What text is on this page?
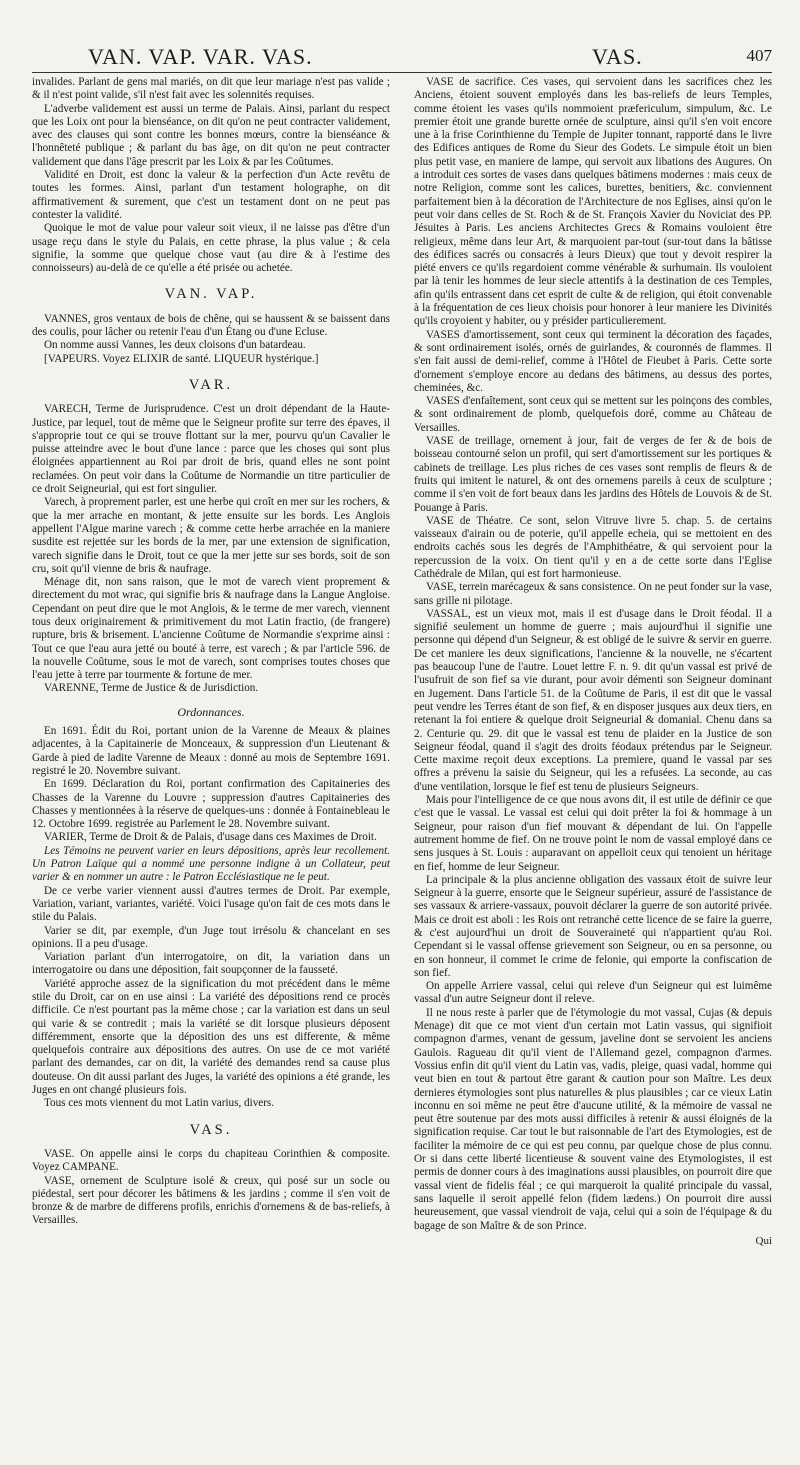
VAN. VAP. VAR. VAS.	VAS.	407

invalides. Parlant de gens mal mariés, on dit que leur mariage n'est pas valide ; & il n'est point valide, s'il n'est fait avec les solennités requises.

L'adverbe validement est aussi un terme de Palais. Ainsi, parlant du respect que les Loix ont pour la bienséance, on dit qu'on ne peut contracter validement, avec des clauses qui sont contre les bonnes mœurs, contre la bienséance & l'honnêteté publique ; & parlant du bas âge, on dit qu'on ne peut contracter validement que dans l'âge prescrit par les Loix & par les Coûtumes.

Validité en Droit, est donc la valeur & la perfection d'un Acte revêtu de toutes les formes. Ainsi, parlant d'un testament holographe, on dit affirmativement & surement, que c'est un testament dont on ne peut pas contester la validité.

Quoique le mot de value pour valeur soit vieux, il ne laisse pas d'être d'un usage reçu dans le style du Palais, en cette phrase, la plus value ; & cela signifie, la somme que quelque chose vaut (au dire & à l'estime des connoisseurs) au-delà de ce qu'elle a été prisée ou achetée.

VAN. VAP.

VANNES, gros ventaux de bois de chêne, qui se haussent & se baissent dans des coulis, pour lâcher ou retenir l'eau d'un Étang ou d'une Ecluse.

On nomme aussi Vannes, les deux cloisons d'un batardeau.

[VAPEURS. Voyez ELIXIR de santé. LIQUEUR hystérique.]

VAR.

VARECH, Terme de Jurisprudence. C'est un droit dépendant de la Haute-Justice, par lequel, tout de même que le Seigneur profite sur terre des épaves, il s'approprie tout ce qui se trouve flottant sur la mer, pourvu qu'un Cavalier le puisse atteindre avec le bout d'une lance : parce que les choses qui sont plus éloignées appartiennent au Roi par droit de bris, quand elles ne sont point reclamées. On peut voir dans la Coûtume de Normandie un titre particulier de ce droit Seigneurial, qui est fort singulier.

Varech, à proprement parler, est une herbe qui croît en mer sur les rochers, & que la mer arrache en montant, & jette ensuite sur les bords. Les Anglois appellent l'Algue marine varech ; & comme cette herbe arrachée en la maniere susdite est rejettée sur les bords de la mer, par une extension de signification, varech signifie dans le Droit, tout ce que la mer jette sur ses bords, soit de son cru, soit qu'il vienne de bris & naufrage.

Ménage dit, non sans raison, que le mot de varech vient proprement & directement du mot wrac, qui signifie bris & naufrage dans la Langue Angloise. Cependant on peut dire que le mot Anglois, & le terme de mer varech, viennent tous deux originairement & primitivement du mot Latin fractio, (de frangere) rupture, bris & brisement. L'ancienne Coûtume de Normandie s'exprime ainsi : Tout ce que l'eau aura jetté ou bouté à terre, est varech ; & par l'article 596. de la nouvelle Coûtume, sous le mot de varech, sont comprises toutes choses que l'eau jette à terre par tourmente & fortune de mer.

VARENNE, Terme de Justice & de Jurisdiction.

Ordonnances.

En 1691. Édit du Roi, portant union de la Varenne de Meaux & plaines adjacentes, à la Capitainerie de Monceaux, & suppression d'un Lieutenant & Garde à pied de ladite Varenne de Meaux : donné au mois de Septembre 1691. registré le 20. Novembre suivant.

En 1699. Déclaration du Roi, portant confirmation des Capitaineries des Chasses de la Varenne du Louvre ; suppression d'autres Capitaineries des Chasses y mentionnées à la réserve de quelques-uns : donnée à Fontainebleau le 12. Octobre 1699. registrée au Parlement le 28. Novembre suivant.

VARIER, Terme de Droit & de Palais, d'usage dans ces Maximes de Droit.

Les Témoins ne peuvent varier en leurs dépositions, après leur recollement. Un Patron Laïque qui a nommé une personne indigne à un Collateur, peut varier & en nommer un autre : le Patron Ecclésiastique ne le peut.

De ce verbe varier viennent aussi d'autres termes de Droit. Par exemple, Variation, variant, variantes, variété. Voici l'usage qu'on fait de ces mots dans le stile du Palais.

Varier se dit, par exemple, d'un Juge tout irrésolu & chancelant en ses opinions. Il a peu d'usage.

Variation parlant d'un interrogatoire, on dit, la variation dans un interrogatoire ou dans une déposition, fait soupçonner de la fausseté.

Variété approche assez de la signification du mot précédent dans le même stile du Droit, car on en use ainsi : La variété des dépositions rend ce procès difficile. Ce n'est pourtant pas la même chose ; car la variation est dans un seul qui varie & se contredit ; mais la variété se dit lorsque plusieurs déposent différemment, ensorte que la déposition des uns est differente, & même quelquefois contraire aux dépositions des autres. On use de ce mot variété parlant des demandes, car on dit, la variété des demandes rend sa cause plus douteuse. On dit aussi parlant des Juges, la variété des opinions a été grande, les Juges en ont changé plusieurs fois.

Tous ces mots viennent du mot Latin varius, divers.

VAS.

VASE. On appelle ainsi le corps du chapiteau Corinthien & composite. Voyez CAMPANE.

VASE, ornement de Sculpture isolé & creux, qui posé sur un socle ou piédestal, sert pour décorer les bâtimens & les jardins ; comme il s'en voit de bronze & de marbre de differens profils, enrichis d'ornemens & de bas-reliefs, à Versailles.

VASE de sacrifice. Ces vases, qui servoient dans les sacrifices chez les Anciens, étoient souvent employés dans les bas-reliefs de leurs Temples, comme étoient les vases qu'ils nommoient præfericulum, simpulum, &c. Le premier étoit une grande burette ornée de sculpture, ainsi qu'il s'en voit encore une à la frise Corinthienne du Temple de Jupiter tonnant, rapporté dans le livre des Edifices antiques de Rome du Sieur des Godets. Le simpule étoit un bien plus petit vase, en maniere de lampe, qui servoit aux libations des Augures. On a introduit ces sortes de vases dans quelques bâtimens modernes : mais ceux de notre Religion, comme sont les calices, burettes, benitiers, &c. conviennent parfaitement bien à la décoration de l'Architecture de nos Eglises, ainsi qu'on le peut voir dans celles de St. Roch & de St. François Xavier du Noviciat des PP. Jésuites à Paris. Les anciens Architectes Grecs & Romains vouloient être religieux, même dans leur Art, & marquoient par-tout (sur-tout dans la bâtisse des édifices sacrés ou consacrés à leurs Dieux) que tout y devoit respirer la piété envers ce qu'ils regardoient comme vénérable & surhumain. Ils vouloient par là tenir les hommes de leur siecle attentifs à la destination de ces Temples, afin qu'ils entrassent dans cet esprit de culte & de religion, qui étoit convenable à la fréquentation de ces lieux choisis pour honorer à leur maniere les Divinités qu'ils croyoient y habiter, ou y présider particulierement.

VASES d'amortissement, sont ceux qui terminent la décoration des façades, & sont ordinairement isolés, ornés de guirlandes, & couronnés de flammes. Il s'en fait aussi de demi-relief, comme à l'Hôtel de Fieubet à Paris. Cette sorte d'ornement s'employe encore au dedans des bâtimens, au dessus des portes, cheminées, &c.

VASES d'enfaîtement, sont ceux qui se mettent sur les poinçons des combles, & sont ordinairement de plomb, quelquefois doré, comme au Château de Versailles.

VASE de treillage, ornement à jour, fait de verges de fer & de bois de boisseau contourné selon un profil, qui sert d'amortissement sur les portiques & cabinets de treillage. Les plus riches de ces vases sont remplis de fleurs & de fruits qui imitent le naturel, & ont des ornemens pareils à ceux de sculpture ; comme il s'en voit de fort beaux dans les jardins des Hôtels de Louvois & de St. Pouange à Paris.

VASE de Théatre. Ce sont, selon Vitruve livre 5. chap. 5. de certains vaisseaux d'airain ou de poterie, qu'il appelle echeia, qui se mettoient en des endroits cachés sous les degrés de l'Amphithéatre, & qui servoient pour la repercussion de la voix. On tient qu'il y en a de cette sorte dans l'Eglise Cathédrale de Milan, qui est fort harmonieuse.

VASE, terrein marécageux & sans consistence. On ne peut fonder sur la vase, sans grille ni pilotage.

VASSAL, est un vieux mot, mais il est d'usage dans le Droit féodal. Il a signifié seulement un homme de guerre ; mais aujourd'hui il signifie une personne qui dépend d'un Seigneur, & est obligé de le suivre & servir en guerre. De cet maniere les deux significations, l'ancienne & la nouvelle, ne s'écartent pas beaucoup l'une de l'autre. Louet lettre F. n. 9. dit qu'un vassal est privé de l'usufruit de son fief sa vie durant, pour avoir démenti son Seigneur dominant en Jugement. Dans l'article 51. de la Coûtume de Paris, il est dit que le vassal peut vendre les Terres étant de son fief, & en disposer jusques aux deux tiers, en retenant la foi entiere & quelque droit Seigneurial & domanial. Chenu dans sa 2. Centurie qu. 29. dit que le vassal est tenu de plaider en la Justice de son Seigneur féodal, quand il s'agit des droits féodaux prétendus par le Seigneur. Cette maxime reçoit deux exceptions. La premiere, quand le vassal par ses offres a prévenu la saisie du Seigneur, qui les a refusées. La seconde, au cas d'une ventilation, lorsque le fief est tenu de plusieurs Seigneurs.

Mais pour l'intelligence de ce que nous avons dit, il est utile de définir ce que c'est que le vassal. Le vassal est celui qui doit prêter la foi & hommage à un Seigneur, pour raison d'un fief mouvant & dépendant de lui. On l'appelle autrement homme de fief. On ne trouve point le nom de vassal employé dans ce sens jusques à St. Louis : auparavant on appelloit ceux qui tenoient un héritage en fief, homme de leur Seigneur.

La principale & la plus ancienne obligation des vassaux étoit de suivre leur Seigneur à la guerre, ensorte que le Seigneur supérieur, assuré de l'assistance de ses vassaux & arriere-vassaux, pouvoit déclarer la guerre de son autorité privée. Mais ce droit est aboli : les Rois ont retranché cette licence de se faire la guerre, & c'est aujourd'hui un droit de Souveraineté qui n'appartient qu'au Roi. Cependant si le vassal offense grievement son Seigneur, ou en sa personne, ou en son honneur, il commet le crime de felonie, qui emporte la confiscation de son fief.

On appelle Arriere vassal, celui qui releve d'un Seigneur qui est luimême vassal d'un autre Seigneur dont il releve.

Il ne nous reste à parler que de l'étymologie du mot vassal, Cujas (& depuis Menage) dit que ce mot vient d'un certain mot Latin vassus, qui signifioit compagnon d'armes, venant de gessum, javeline dont se servoient les anciens Gaulois. Ragueau dit qu'il vient de l'Allemand gezel, compagnon d'armes. Vossius enfin dit qu'il vient du Latin vas, vadis, pleige, quasi vadal, homme qui veut bien en tout & partout être garant & caution pour son Maître. Les deux dernieres étymologies sont plus naturelles & plus plausibles ; car ce vieux Latin inconnu en soi même ne peut être d'aucune utilité, & la mémoire de vassal ne peut être soutenue par des mots aussi difficiles à retenir & aussi éloignés de la signification requise. Car tout le but raisonnable de l'art des Etymologies, est de faciliter la mémoire de ce qui est peu connu, par quelque chose de plus connu. Or si dans cette liberté licentieuse & souvent vaine des Etymologistes, il est permis de donner cours à des imaginations aussi plausibles, on pourroit dire que vassal vient de fidelis féal ; ce qui marqueroit la qualité principale du vassal, sans laquelle il seroit appellé felon (fidem lædens.) On pourroit dire aussi heureusement, que vassal viendroit de vaja, celui qui a soin de l'équipage & du bagage de son Maître & de son Prince.

Qui
